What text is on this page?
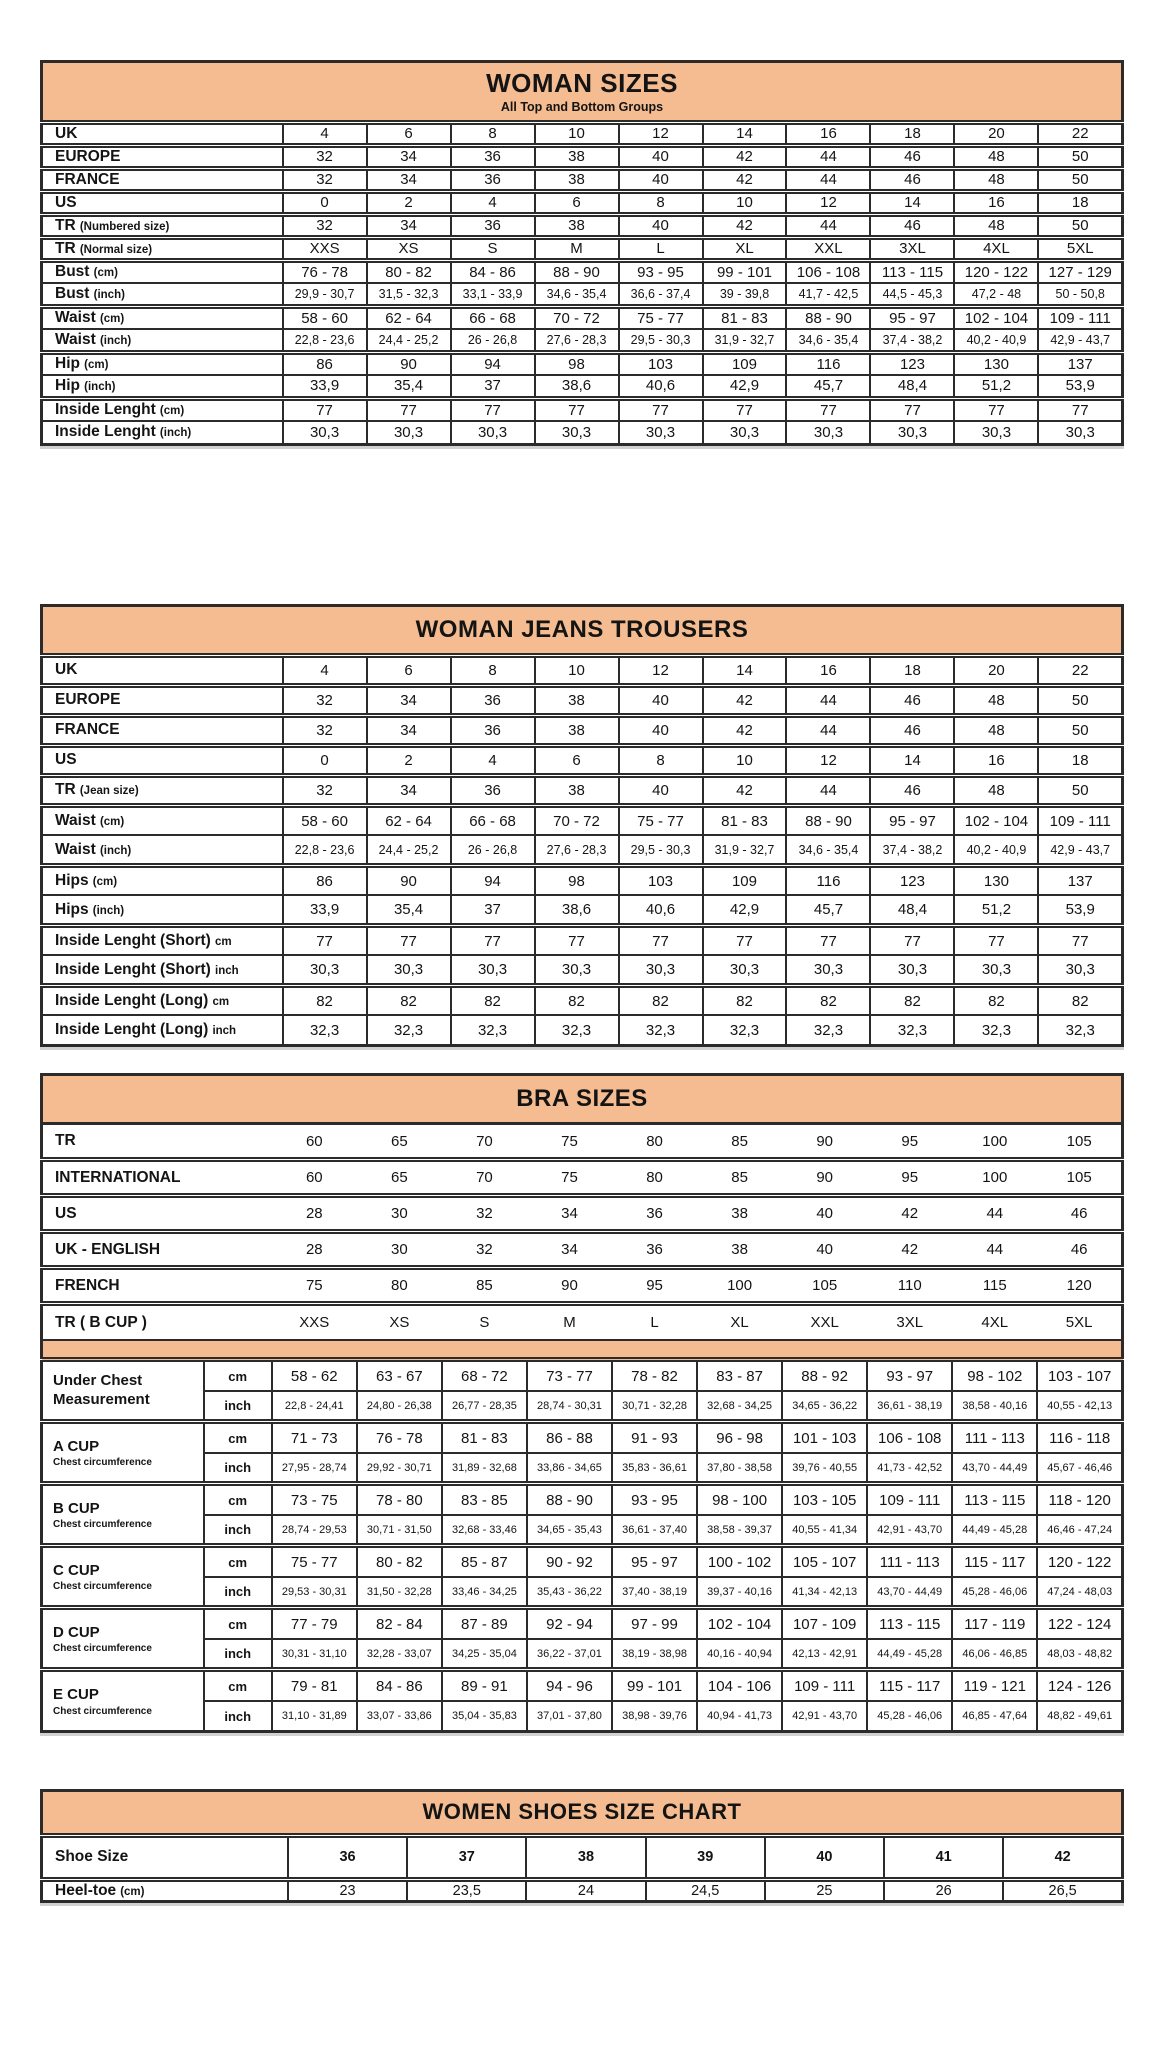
WOMAN SIZES
All Top and Bottom Groups										

UK	4	6	8	10	12	14	16	18	20	22
EUROPE	32	34	36	38	40	42	44	46	48	50
FRANCE	32	34	36	38	40	42	44	46	48	50
US	0	2	4	6	8	10	12	14	16	18
TR (Numbered size)	32	34	36	38	40	42	44	46	48	50
TR (Normal size)	XXS	XS	S	M	L	XL	XXL	3XL	4XL	5XL
Bust (cm)	76 - 78	80 - 82	84 - 86	88 - 90	93 - 95	99 - 101	106 - 108	113 - 115	120 - 122	127 - 129
Bust (inch)	29,9 - 30,7	31,5 - 32,3	33,1 - 33,9	34,6 - 35,4	36,6 - 37,4	39 - 39,8	41,7 - 42,5	44,5 - 45,3	47,2 - 48	50 - 50,8
Waist (cm)	58 - 60	62 - 64	66 - 68	70 - 72	75 - 77	81 - 83	88 - 90	95 - 97	102 - 104	109 - 111
Waist (inch)	22,8 - 23,6	24,4 - 25,2	26 - 26,8	27,6 - 28,3	29,5 - 30,3	31,9 - 32,7	34,6 - 35,4	37,4 - 38,2	40,2 - 40,9	42,9 - 43,7
Hip (cm)	86	90	94	98	103	109	116	123	130	137
Hip (inch)	33,9	35,4	37	38,6	40,6	42,9	45,7	48,4	51,2	53,9
Inside Lenght (cm)	77	77	77	77	77	77	77	77	77	77
Inside Lenght (inch)	30,3	30,3	30,3	30,3	30,3	30,3	30,3	30,3	30,3	30,3
WOMAN JEANS TROUSERS										

UK	4	6	8	10	12	14	16	18	20	22
EUROPE	32	34	36	38	40	42	44	46	48	50
FRANCE	32	34	36	38	40	42	44	46	48	50
US	0	2	4	6	8	10	12	14	16	18
TR (Jean size)	32	34	36	38	40	42	44	46	48	50
Waist (cm)	58 - 60	62 - 64	66 - 68	70 - 72	75 - 77	81 - 83	88 - 90	95 - 97	102 - 104	109 - 111
Waist (inch)	22,8 - 23,6	24,4 - 25,2	26 - 26,8	27,6 - 28,3	29,5 - 30,3	31,9 - 32,7	34,6 - 35,4	37,4 - 38,2	40,2 - 40,9	42,9 - 43,7
Hips (cm)	86	90	94	98	103	109	116	123	130	137
Hips (inch)	33,9	35,4	37	38,6	40,6	42,9	45,7	48,4	51,2	53,9
Inside Lenght (Short) cm	77	77	77	77	77	77	77	77	77	77
Inside Lenght (Short) inch	30,3	30,3	30,3	30,3	30,3	30,3	30,3	30,3	30,3	30,3
Inside Lenght (Long) cm	82	82	82	82	82	82	82	82	82	82
Inside Lenght (Long) inch	32,3	32,3	32,3	32,3	32,3	32,3	32,3	32,3	32,3	32,3
BRA SIZES											

TR		60	65	70	75	80	85	90	95	100	105
INTERNATIONAL		60	65	70	75	80	85	90	95	100	105
US		28	30	32	34	36	38	40	42	44	46
UK - ENGLISH		28	30	32	34	36	38	40	42	44	46
FRENCH		75	80	85	90	95	100	105	110	115	120
TR ( B CUP )		XXS	XS	S	M	L	XL	XXL	3XL	4XL	5XL

Under Chest Measurement	cm	58 - 62	63 - 67	68 - 72	73 - 77	78 - 82	83 - 87	88 - 92	93 - 97	98 - 102	103 - 107
	inch	22,8 - 24,41	24,80 - 26,38	26,77 - 28,35	28,74 - 30,31	30,71 - 32,28	32,68 - 34,25	34,65 - 36,22	36,61 - 38,19	38,58 - 40,16	40,55 - 42,13

A CUP
Chest circumference	cm	71 - 73	76 - 78	81 - 83	86 - 88	91 - 93	96 - 98	101 - 103	106 - 108	111 - 113	116 - 118
	inch	27,95 - 28,74	29,92 - 30,71	31,89 - 32,68	33,86 - 34,65	35,83 - 36,61	37,80 - 38,58	39,76 - 40,55	41,73 - 42,52	43,70 - 44,49	45,67 - 46,46

B CUP
Chest circumference	cm	73 - 75	78 - 80	83 - 85	88 - 90	93 - 95	98 - 100	103 - 105	109 - 111	113 - 115	118 - 120
	inch	28,74 - 29,53	30,71 - 31,50	32,68 - 33,46	34,65 - 35,43	36,61 - 37,40	38,58 - 39,37	40,55 - 41,34	42,91 - 43,70	44,49 - 45,28	46,46 - 47,24

C CUP
Chest circumference	cm	75 - 77	80 - 82	85 - 87	90 - 92	95 - 97	100 - 102	105 - 107	111 - 113	115 - 117	120 - 122
	inch	29,53 - 30,31	31,50 - 32,28	33,46 - 34,25	35,43 - 36,22	37,40 - 38,19	39,37 - 40,16	41,34 - 42,13	43,70 - 44,49	45,28 - 46,06	47,24 - 48,03

D CUP
Chest circumference	cm	77 - 79	82 - 84	87 - 89	92 - 94	97 - 99	102 - 104	107 - 109	113 - 115	117 - 119	122 - 124
	inch	30,31 - 31,10	32,28 - 33,07	34,25 - 35,04	36,22 - 37,01	38,19 - 38,98	40,16 - 40,94	42,13 - 42,91	44,49 - 45,28	46,06 - 46,85	48,03 - 48,82

E CUP
Chest circumference	cm	79 - 81	84 - 86	89 - 91	94 - 96	99 - 101	104 - 106	109 - 111	115 - 117	119 - 121	124 - 126
	inch	31,10 - 31,89	33,07 - 33,86	35,04 - 35,83	37,01 - 37,80	38,98 - 39,76	40,94 - 41,73	42,91 - 43,70	45,28 - 46,06	46,85 - 47,64	48,82 - 49,61
WOMEN SHOES SIZE CHART							

Shoe Size	36	37	38	39	40	41	42
Heel-toe (cm)	23	23,5	24	24,5	25	26	26,5
